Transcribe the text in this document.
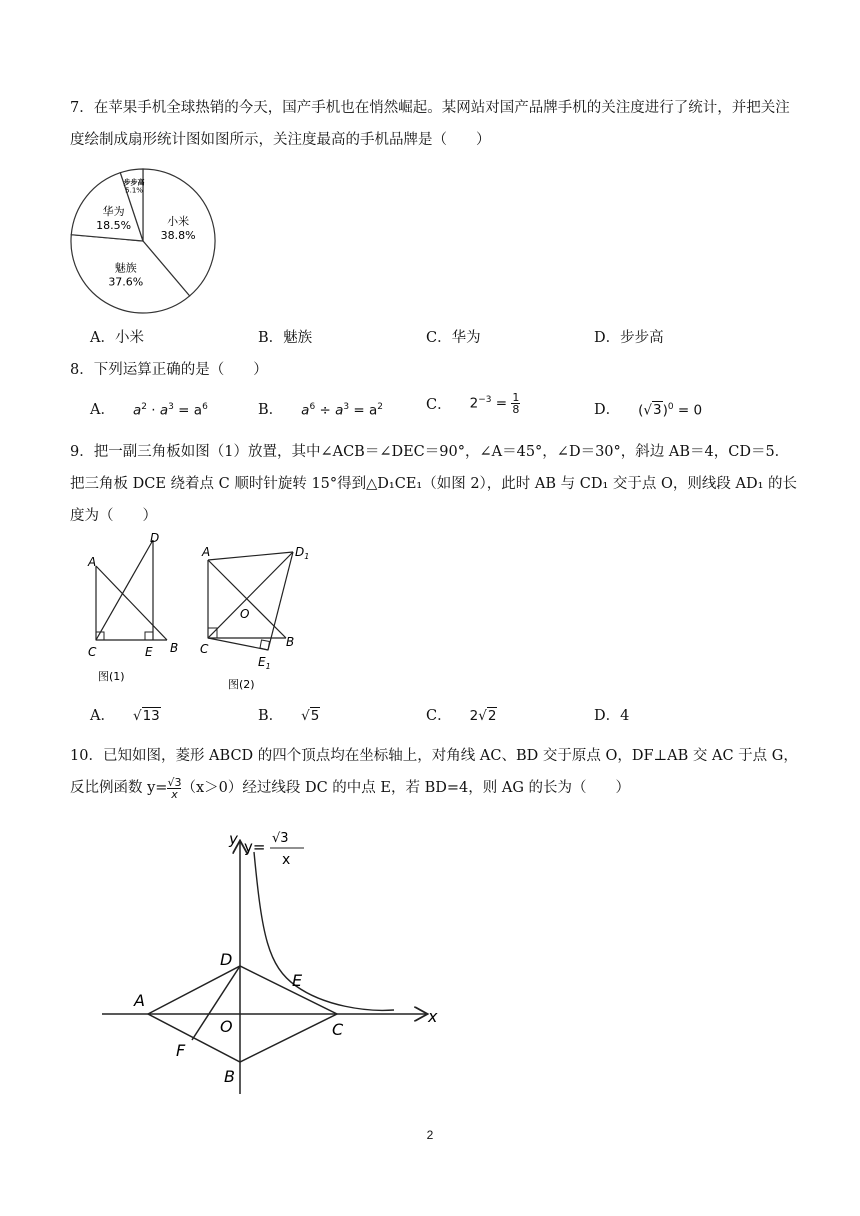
7．在苹果手机全球热销的今天，国产手机也在悄然崛起。某网站对国产品牌手机的关注度进行了统计，并把关注度绘制成扇形统计图如图所示，关注度最高的手机品牌是（　　）
小米
38.8%
魅族
37.6%
华为
18.5%
步步高
5.1%
A．小米	B．魅族	C．华为	D．步步高
8．下列运算正确的是（　　）
A． $a^2 \cdot a^3 = a^6$	B． $a^6 \div a^3 = a^2$	C． $2^{-3} = \frac{1}{8}$	D． $(√3)^0 = 0$
9．把一副三角板如图（1）放置，其中∠ACB＝∠DEC＝90°，∠A＝45°，∠D＝30°，斜边 AB＝4，CD＝5．把三角板 DCE 绕着点 C 顺时针旋转 15°得到△D₁CE₁（如图 2），此时 AB 与 CD₁ 交于点 O，则线段 AD₁ 的长度为（　　）
A
D
C	E B
图(1)
A	$D_1$
O
C	B
$E_1$
图(2)
A． √13	B． √5	C． 2√2	D．4
10．已知如图，菱形 ABCD 的四个顶点均在坐标轴上，对角线 AC、BD 交于原点 O，DF⊥AB 交 AC 于点 G，反比例函数 $y= \frac{√3}{x} (x>0)$经过线段 DC 的中点 E，若 BD=4，则 AG 的长为（　　）
y y= √3
x
x
A
D
E
C
O
F
B
2
